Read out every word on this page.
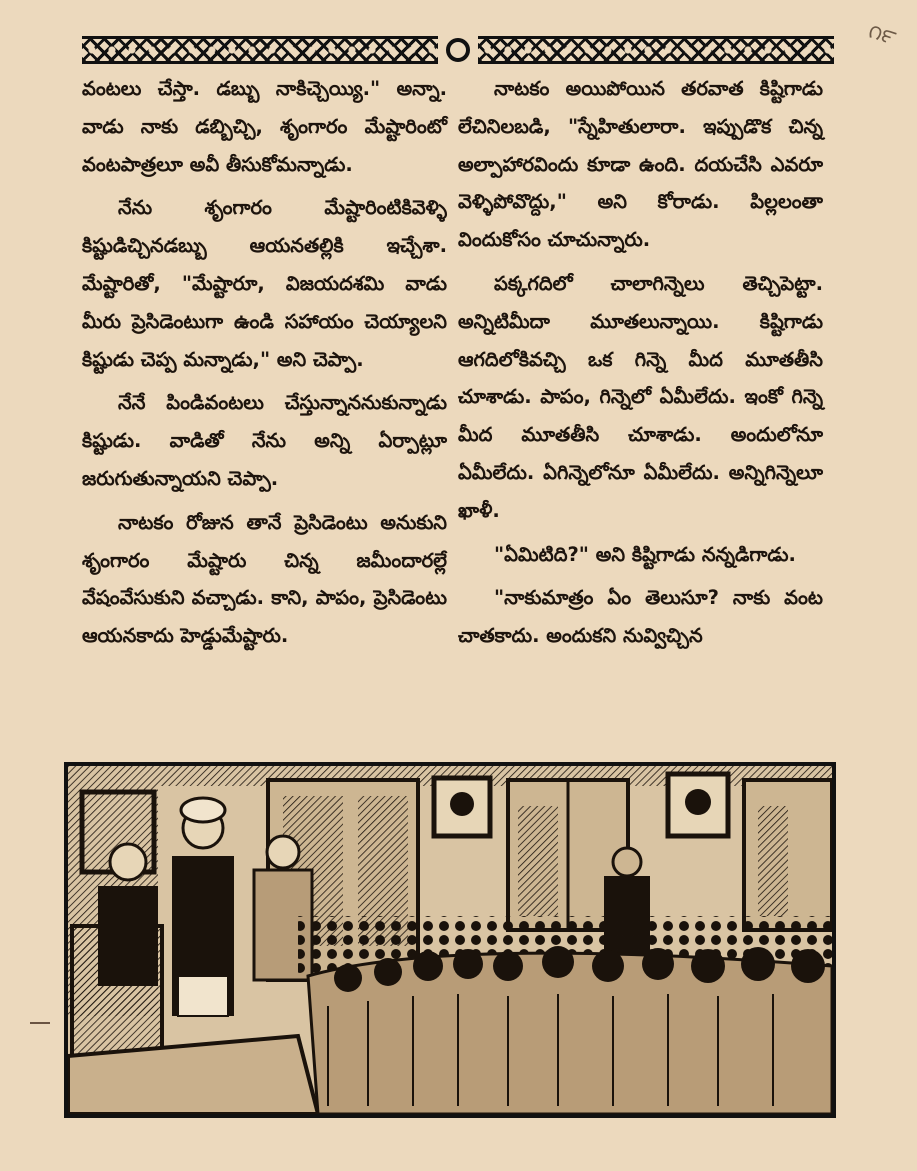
౧౯

వంటలు చేస్తా. డబ్బు నాకిచ్చెయ్యి." అన్నా. వాడు నాకు డబ్బిచ్చి, శృంగారం మేష్టారింటో వంటపాత్రలూ అవీ తీసుకోమన్నాడు.

నేను శృంగారం మేష్టారింటికివెళ్ళి కిష్టుడిచ్చినడబ్బు ఆయనతల్లికి ఇచ్చేశా. మేష్టారితో, "మేష్టారూ, విజయదశమి వాడు మీరు ప్రెసిడెంటుగా ఉండి సహాయం చెయ్యాలని కిష్టుడు చెప్ప మన్నాడు," అని చెప్పా.

నేనే పిండివంటలు చేస్తున్నాననుకున్నాడు కిష్టుడు. వాడితో నేను అన్ని ఏర్పాట్లూ జరుగుతున్నాయని చెప్పా.

నాటకం రోజున తానే ప్రెసిడెంటు అనుకుని శృంగారం మేష్టారు చిన్న జమీందారల్లే వేషంవేసుకుని వచ్చాడు. కాని, పాపం, ప్రెసిడెంటు ఆయనకాదు హెడ్డుమేష్టారు.

నాటకం అయిపోయిన తరవాత కిష్టిగాడు లేచినిలబడి, "స్నేహితులారా. ఇప్పుడొక చిన్న అల్పాహారవిందు కూడా ఉంది. దయచేసి ఎవరూ వెళ్ళిపోవొద్దు," అని కోరాడు. పిల్లలంతా విందుకోసం చూచున్నారు.

పక్కగదిలో చాలాగిన్నెలు తెచ్చిపెట్టా. అన్నిటిమీదా మూతలున్నాయి. కిష్టిగాడు ఆగదిలోకివచ్చి ఒక గిన్నె మీద మూతతీసి చూశాడు. పాపం, గిన్నెలో ఏమీలేదు. ఇంకో గిన్నె మీద మూతతీసి చూశాడు. అందులోనూ ఏమీలేదు. ఏగిన్నెలోనూ ఏమీలేదు. అన్నిగిన్నెలూ ఖాళీ.

"ఏమిటిది?" అని కిష్టిగాడు నన్నడిగాడు.

"నాకుమాత్రం ఏం తెలుసూ? నాకు వంట చాతకాదు. అందుకని నువ్విచ్చిన
